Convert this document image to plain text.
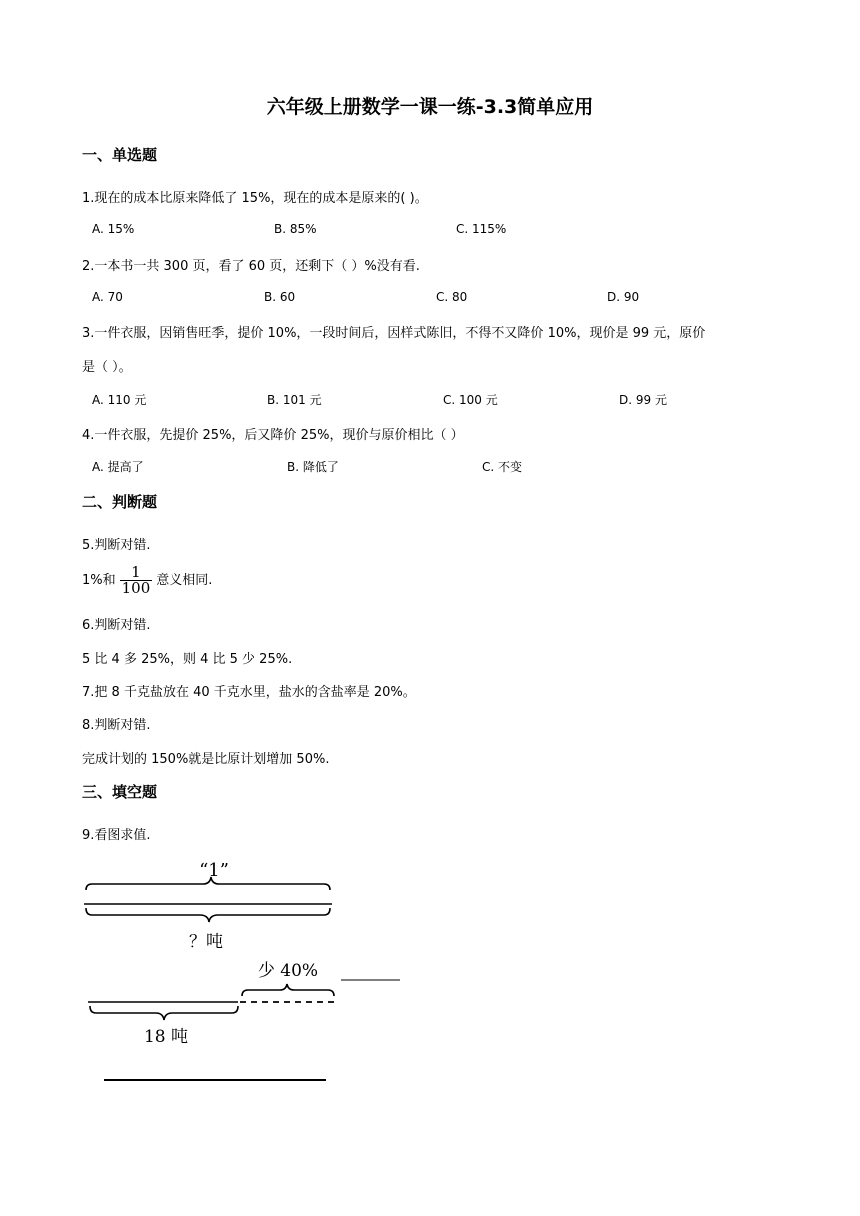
六年级上册数学一课一练-3.3简单应用
一、单选题
1.现在的成本比原来降低了 15%，现在的成本是原来的( )。
A. 15%	B. 85%	C. 115%
2.一本书一共 300 页，看了 60 页，还剩下（ ）%没有看.
A. 70	B. 60	C. 80	D. 90
3.一件衣服，因销售旺季，提价 10%，一段时间后，因样式陈旧，不得不又降价 10%，现价是 99 元，原价
是（ ）。
A. 110 元	B. 101 元	C. 100 元	D. 99 元
4.一件衣服，先提价 25%，后又降价 25%，现价与原价相比（ ）
A. 提高了	B. 降低了	C. 不变
二、判断题
5.判断对错.
1%和 $\frac{1}{100}$ 意义相同.
6.判断对错.
5 比 4 多 25%，则 4 比 5 少 25%.
7.把 8 千克盐放在 40 千克水里，盐水的含盐率是 20%。
8.判断对错.
完成计划的 150%就是比原计划增加 50%.
三、填空题
9.看图求值.
“1”
？吨
少 40%
18 吨
